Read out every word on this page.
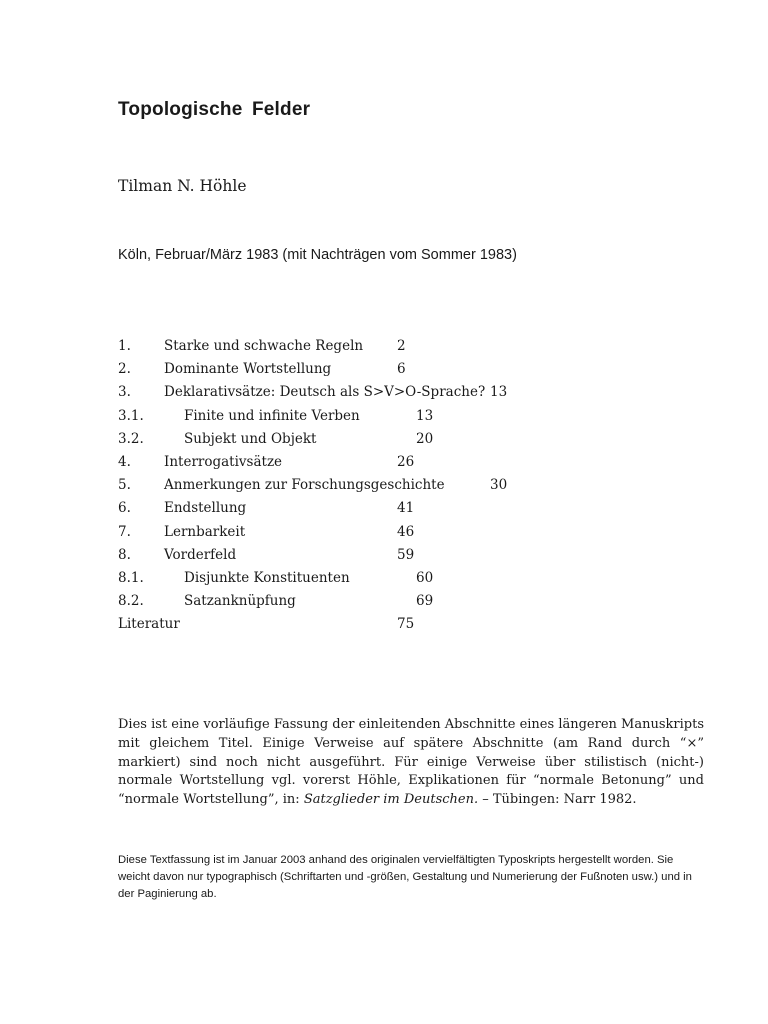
Topologische Felder

Tilman N. Höhle

Köln, Februar/März 1983 (mit Nachträgen vom Sommer 1983)

1. Starke und schwache Regeln	2
2. Dominante Wortstellung	6
3. Deklarativsätze: Deutsch als S>V>O-Sprache? 13
3.1.	Finite und infinite Verben	13
3.2.	Subjekt und Objekt	20
4. Interrogativsätze	26
5. Anmerkungen zur Forschungsgeschichte	30
6. Endstellung	41
7. Lernbarkeit	46
8. Vorderfeld	59
8.1.	Disjunkte Konstituenten	60
8.2.	Satzanknüpfung	69
Literatur	75

Dies ist eine vorläufige Fassung der einleitenden Abschnitte eines längeren Manuskripts mit gleichem Titel. Einige Verweise auf spätere Abschnitte (am Rand durch “×” markiert) sind noch nicht ausgeführt. Für einige Verweise über stilistisch (nicht-) normale Wortstellung vgl. vorerst Höhle, Explikationen für “normale Betonung” und “normale Wortstellung”, in: Satzglieder im Deutschen. – Tübingen: Narr 1982.

Diese Textfassung ist im Januar 2003 anhand des originalen vervielfältigten Typoskripts hergestellt worden. Sie weicht davon nur typographisch (Schriftarten und -größen, Gestaltung und Numerierung der Fußnoten usw.) und in der Paginierung ab.
